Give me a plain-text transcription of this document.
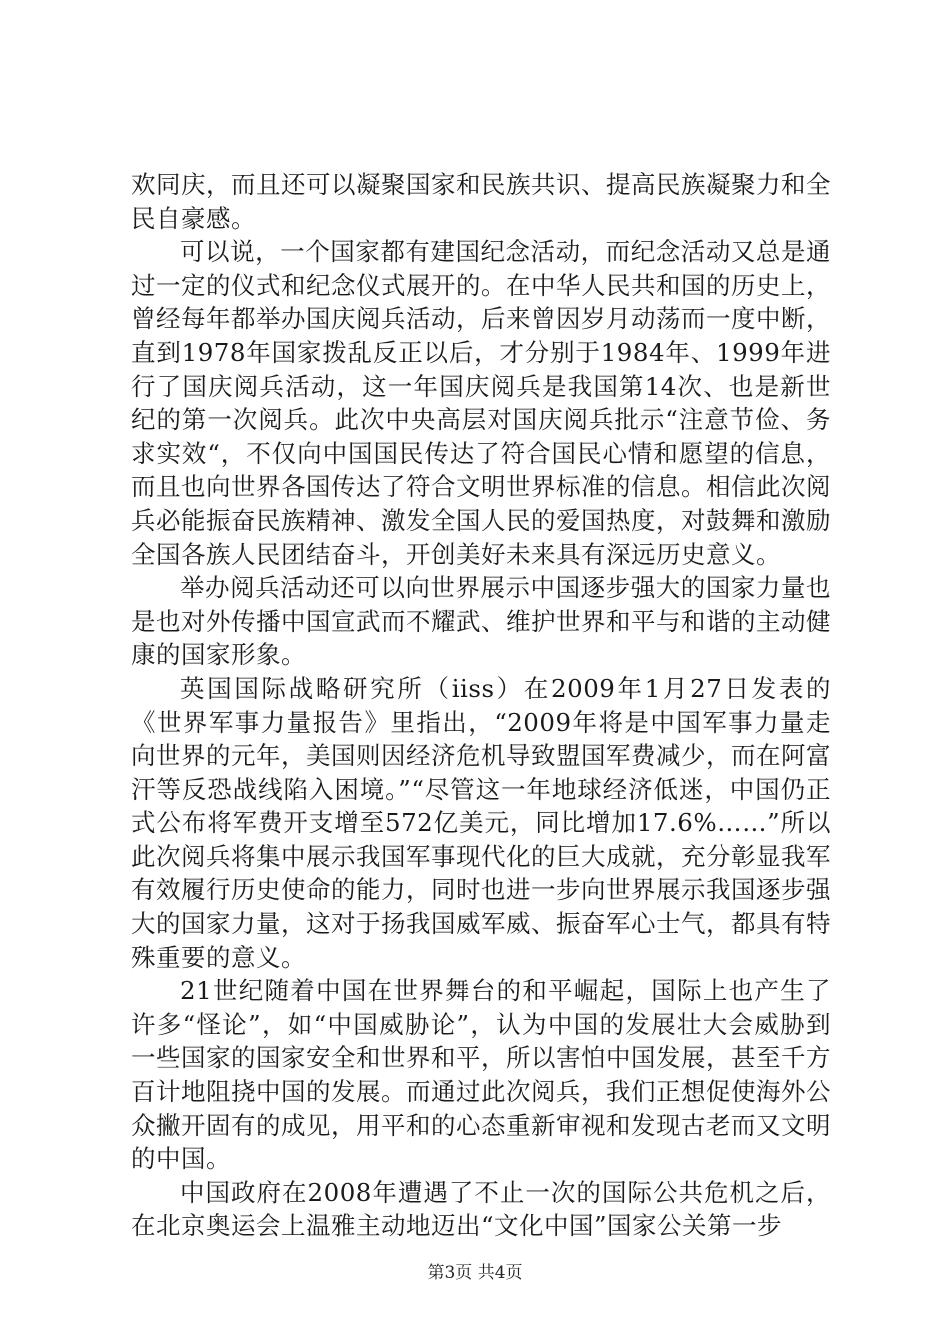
欢同庆，而且还可以凝聚国家和民族共识、提高民族凝聚力和全民自豪感。

可以说，一个国家都有建国纪念活动，而纪念活动又总是通过一定的仪式和纪念仪式展开的。在中华人民共和国的历史上，曾经每年都举办国庆阅兵活动，后来曾因岁月动荡而一度中断，直到1978年国家拨乱反正以后，才分别于1984年、1999年进行了国庆阅兵活动，这一年国庆阅兵是我国第14次、也是新世纪的第一次阅兵。此次中央高层对国庆阅兵批示“注意节俭、务求实效“，不仅向中国国民传达了符合国民心情和愿望的信息，而且也向世界各国传达了符合文明世界标准的信息。相信此次阅兵必能振奋民族精神、激发全国人民的爱国热度，对鼓舞和激励全国各族人民团结奋斗，开创美好未来具有深远历史意义。

举办阅兵活动还可以向世界展示中国逐步强大的国家力量也是也对外传播中国宣武而不耀武、维护世界和平与和谐的主动健康的国家形象。

英国国际战略研究所（iiss）在2009年1月27日发表的《世界军事力量报告》里指出，“2009年将是中国军事力量走向世界的元年，美国则因经济危机导致盟国军费减少，而在阿富汗等反恐战线陷入困境。”“尽管这一年地球经济低迷，中国仍正式公布将军费开支增至572亿美元，同比增加17.6%……”所以此次阅兵将集中展示我国军事现代化的巨大成就，充分彰显我军有效履行历史使命的能力，同时也进一步向世界展示我国逐步强大的国家力量，这对于扬我国威军威、振奋军心士气，都具有特殊重要的意义。

21世纪随着中国在世界舞台的和平崛起，国际上也产生了许多“怪论”，如“中国威胁论”，认为中国的发展壮大会威胁到一些国家的国家安全和世界和平，所以害怕中国发展，甚至千方百计地阻挠中国的发展。而通过此次阅兵，我们正想促使海外公众撇开固有的成见，用平和的心态重新审视和发现古老而又文明的中国。

中国政府在2008年遭遇了不止一次的国际公共危机之后，在北京奥运会上温雅主动地迈出“文化中国”国家公关第一步

第3页 共4页
